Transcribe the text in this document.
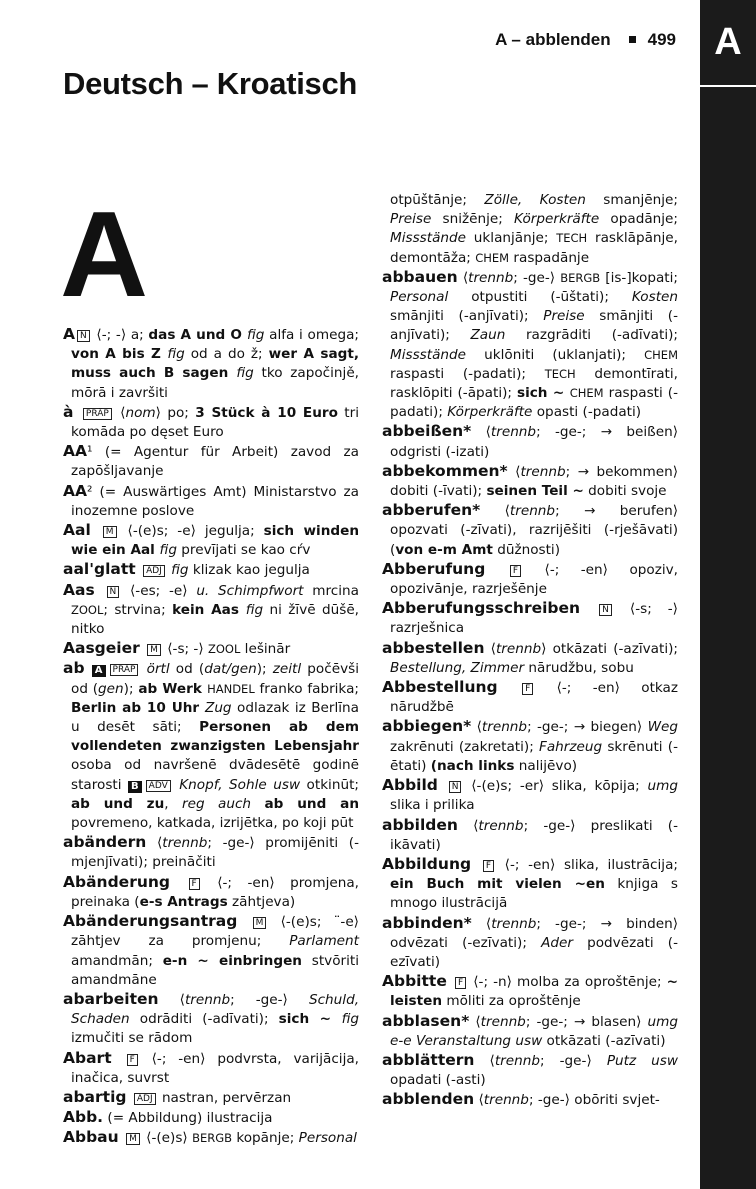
A – abblenden 499	A
Deutsch – Kroatisch
A

A N ⟨-; -⟩ a; das A und O fig alfa i omega; von A bis Z fig od a do ž; wer A sagt, muss auch B sagen fig tko započinjě, mōrā i završiti

à PRÄP ⟨nom⟩ po; 3 Stück à 10 Euro tri komāda po dęset Euro

AA¹ (= Agentur für Arbeit) zavod za zapōšljavanje

AA² (= Auswärtiges Amt) Ministarstvo za inozemne poslove

Aal M ⟨-(e)s; -e⟩ jegulja; sich winden wie ein Aal fig prevījati se kao cŕv

aal'glatt ADJ fig klizak kao jegulja

Aas N ⟨-es; -e⟩ u. Schimpfwort mrcina ZOOL; strvina; kein Aas fig ni žīvē dūšē, nitko

Aasgeier M ⟨-s; -⟩ ZOOL lešinār

ab A PRÄP örtl od (dat/gen); zeitl počēvši od (gen); ab Werk HANDEL franko fabrika; Berlin ab 10 Uhr Zug odlazak iz Berlīna u desēt sāti; Personen ab dem vollendeten zwanzigsten Lebensjahr osoba od navršenē dvādesētē godinē starosti B ADV Knopf, Sohle usw otkinūt; ab und zu, reg auch ab und an povremeno, katkada, izrijētka, po koji pūt

abändern ⟨trennb; -ge-⟩ promijēniti (-mjenjīvati); preināčiti

Abänderung F ⟨-; -en⟩ promjena, preinaka (e-s Antrags zāhtjeva)

Abänderungsantrag M ⟨-(e)s; ¨-e⟩ zāhtjev za promjenu; Parlament amandmān; e-n ~ einbringen stvōriti amandmāne

abarbeiten ⟨trennb; -ge-⟩ Schuld, Schaden odrāditi (-adīvati); sich ~ fig izmučiti se rādom

Abart F ⟨-; -en⟩ podvrsta, varijācija, inačica, suvrst

abartig ADJ nastran, pervērzan

Abb. (= Abbildung) ilustracija

Abbau M ⟨-(e)s⟩ BERGB kopānje; Personal

otpūštānje; Zölle, Kosten smanjēnje; Preise snižēnje; Körperkräfte opadānje; Missstände uklanjānje; TECH rasklāpānje, demontāža; CHEM raspadānje

abbauen ⟨trennb; -ge-⟩ BERGB [is-]kopati; Personal otpustiti (-ūštati); Kosten smānjiti (-anjīvati); Preise smānjiti (-anjīvati); Zaun razgrāditi (-adīvati); Missstände uklōniti (uklanjati); CHEM raspasti (-padati); TECH demontīrati, rasklōpiti (-āpati); sich ~ CHEM raspasti (-padati); Körperkräfte opasti (-padati)

abbeißen* ⟨trennb; -ge-; → beißen⟩ odgristi (-izati)

abbekommen* ⟨trennb; → bekommen⟩ dobiti (-īvati); seinen Teil ~ dobiti svoje

abberufen* ⟨trennb; → berufen⟩ opozvati (-zīvati), razrijēšiti (-rješāvati) (von e-m Amt dūžnosti)

Abberufung F ⟨-; -en⟩ opoziv, opozivānje, razrješēnje

Abberufungsschreiben N ⟨-s; -⟩ razrješnica

abbestellen ⟨trennb⟩ otkāzati (-azīvati); Bestellung, Zimmer nārudžbu, sobu

Abbestellung F ⟨-; -en⟩ otkaz nārudžbē

abbiegen* ⟨trennb; -ge-; → biegen⟩ Weg zakrēnuti (zakretati); Fahrzeug skrēnuti (-ētati) (nach links nalijēvo)

Abbild N ⟨-(e)s; -er⟩ slika, kōpija; umg slika i prilika

abbilden ⟨trennb; -ge-⟩ preslikati (-ikāvati)

Abbildung F ⟨-; -en⟩ slika, ilustrācija; ein Buch mit vielen ~en knjiga s mnogo ilustrācijā

abbinden* ⟨trennb; -ge-; → binden⟩ odvēzati (-ezīvati); Ader podvēzati (-ezīvati)

Abbitte F ⟨-; -n⟩ molba za oproštēnje; ~ leisten mōliti za oproštēnje

abblasen* ⟨trennb; -ge-; → blasen⟩ umg e-e Veranstaltung usw otkāzati (-azīvati)

abblättern ⟨trennb; -ge-⟩ Putz usw opadati (-asti)

abblenden ⟨trennb; -ge-⟩ obōriti svjet-
